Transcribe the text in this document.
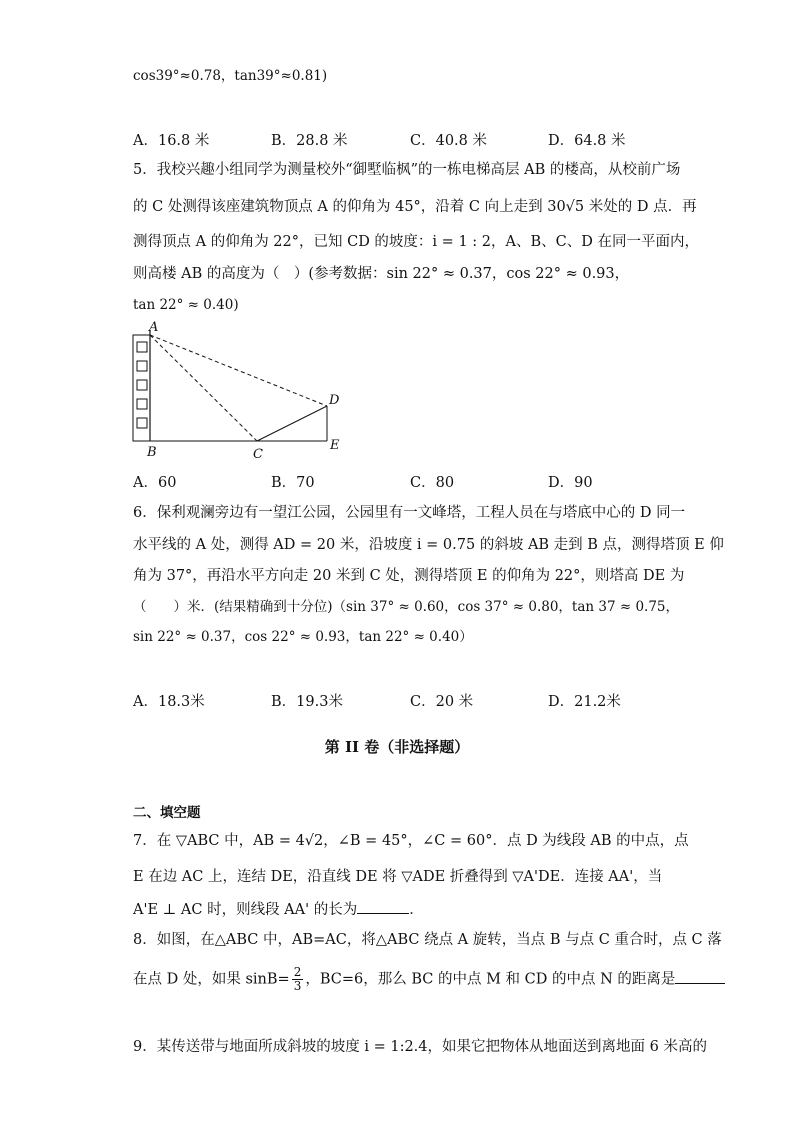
cos39°≈0.78，tan39°≈0.81)
A．16.8 米	B．28.8 米	C．40.8 米	D．64.8 米
5．我校兴趣小组同学为测量校外“御墅临枫”的一栋电梯高层 AB 的楼高，从校前广场
的 C 处测得该座建筑物顶点 A 的仰角为 45°，沿着 C 向上走到 30√5 米处的 D 点．再
测得顶点 A 的仰角为 22°，已知 CD 的坡度：i = 1 : 2，A、B、C、D 在同一平面内，
则高楼 AB 的高度为（　）(参考数据：sin 22° ≈ 0.37，cos 22° ≈ 0.93，
tan 22° ≈ 0.40)
A
B	C
D
E
A．60	B．70	C．80	D．90
6．保利观澜旁边有一望江公园，公园里有一文峰塔，工程人员在与塔底中心的 D 同一
水平线的 A 处，测得 AD = 20 米，沿坡度 i = 0.75 的斜坡 AB 走到 B 点，测得塔顶 E 仰
角为 37°，再沿水平方向走 20 米到 C 处，测得塔顶 E 的仰角为 22°，则塔高 DE 为
（　　）米．(结果精确到十分位)（sin 37° ≈ 0.60，cos 37° ≈ 0.80，tan 37 ≈ 0.75，
sin 22° ≈ 0.37，cos 22° ≈ 0.93，tan 22° ≈ 0.40）
A．18.3米	B．19.3米	C．20 米	D．21.2米
第 II 卷（非选择题）
二、填空题
7．在 ▽ABC 中，AB = 4√2，∠B = 45°，∠C = 60°．点 D 为线段 AB 的中点，点
E 在边 AC 上，连结 DE，沿直线 DE 将 ▽ADE 折叠得到 ▽A'DE．连接 AA'，当
A'E ⊥ AC 时，则线段 AA' 的长为	．
8．如图，在△ABC 中，AB=AC，将△ABC 绕点 A 旋转，当点 B 与点 C 重合时，点 C 落
在点 D 处，如果 $\sin B= \frac{2}{3}$ ，BC=6，那么 BC 的中点 M 和 CD 的中点 N 的距离是
9．某传送带与地面所成斜坡的坡度 i = 1:2.4，如果它把物体从地面送到离地面 6 米高的
